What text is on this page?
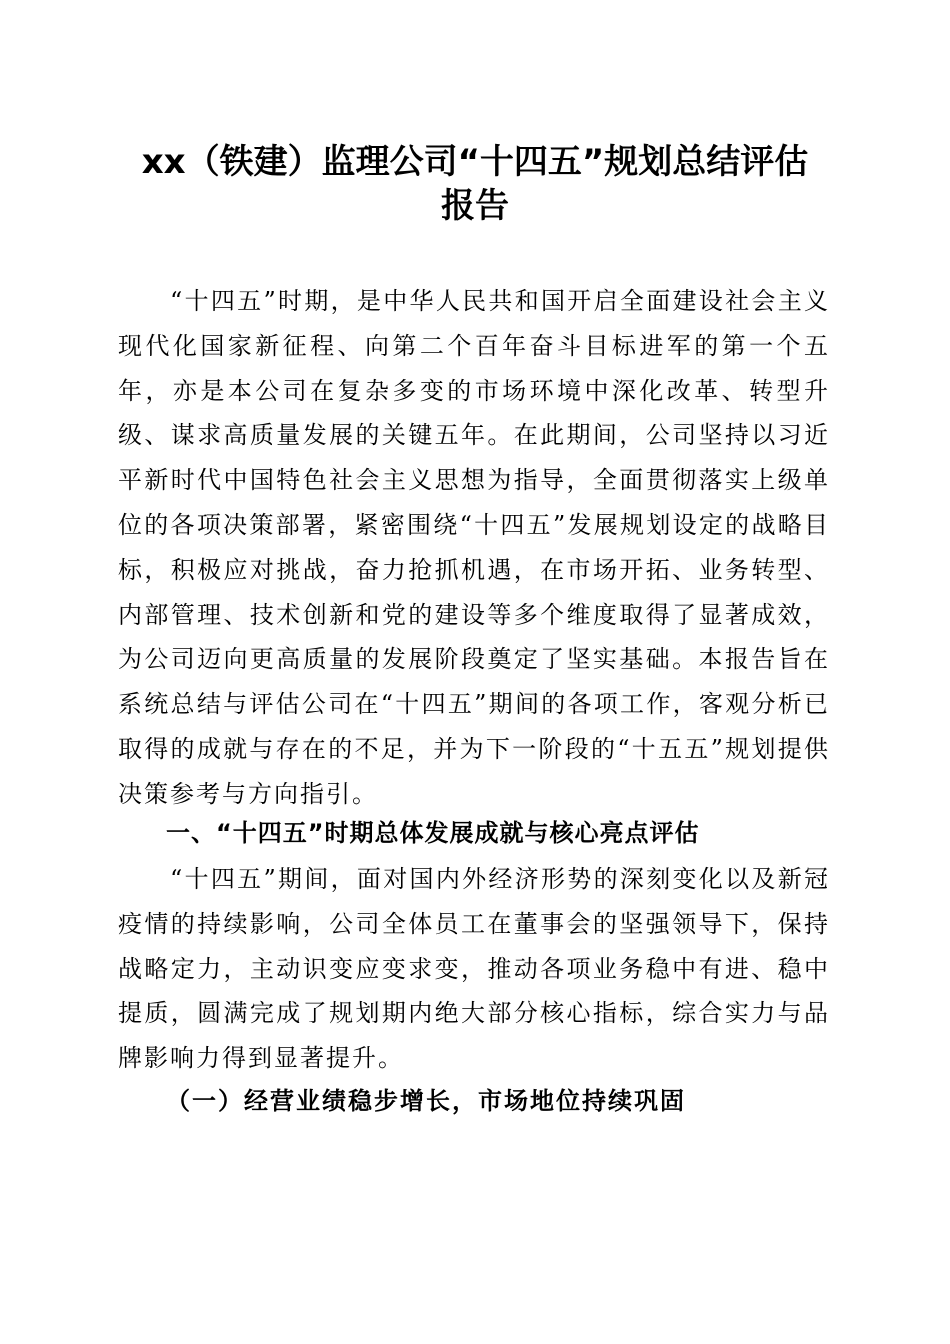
xx（铁建）监理公司“十四五”规划总结评估
报告

“十四五”时期，是中华人民共和国开启全面建设社会主义现代化国家新征程、向第二个百年奋斗目标进军的第一个五年，亦是本公司在复杂多变的市场环境中深化改革、转型升级、谋求高质量发展的关键五年。在此期间，公司坚持以习近平新时代中国特色社会主义思想为指导，全面贯彻落实上级单位的各项决策部署，紧密围绕“十四五”发展规划设定的战略目标，积极应对挑战，奋力抢抓机遇，在市场开拓、业务转型、内部管理、技术创新和党的建设等多个维度取得了显著成效，为公司迈向更高质量的发展阶段奠定了坚实基础。本报告旨在系统总结与评估公司在“十四五”期间的各项工作，客观分析已取得的成就与存在的不足，并为下一阶段的“十五五”规划提供决策参考与方向指引。

一、“十四五”时期总体发展成就与核心亮点评估

“十四五”期间，面对国内外经济形势的深刻变化以及新冠疫情的持续影响，公司全体员工在董事会的坚强领导下，保持战略定力，主动识变应变求变，推动各项业务稳中有进、稳中提质，圆满完成了规划期内绝大部分核心指标，综合实力与品牌影响力得到显著提升。

（一）经营业绩稳步增长，市场地位持续巩固
